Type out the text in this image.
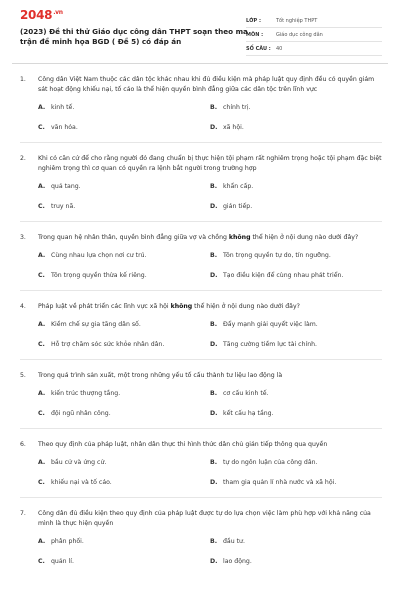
$2048^{.vn}$
(2023) Đề thi thử Giáo dục công dân THPT soạn theo ma trận đề minh họa BGD ( Đề 5) có đáp án
LỚP :	Tốt nghiệp THPT
MÔN :	Giáo dục công dân
SỐ CÂU :	40
1.	Công dân Việt Nam thuộc các dân tộc khác nhau khi đủ điều kiện mà pháp luật quy định đều có quyền giám sát hoạt động khiếu nại, tố cáo là thể hiện quyền bình đẳng giữa các dân tộc trên lĩnh vực
A. kinh tế.	B. chính trị.
C. văn hóa.	D. xã hội.
2.	Khi có căn cứ để cho rằng người đó đang chuẩn bị thực hiện tội phạm rất nghiêm trọng hoặc tội phạm đặc biệt nghiêm trọng thì cơ quan có quyền ra lệnh bắt người trong trường hợp
A. quả tang.	B. khẩn cấp.
C. truy nã.	D. gián tiếp.
3.	Trong quan hệ nhân thân, quyền bình đẳng giữa vợ và chồng không thể hiện ở nội dung nào dưới đây?
A. Cùng nhau lựa chọn nơi cư trú.	B. Tôn trọng quyền tự do, tín ngưỡng.
C. Tôn trọng quyền thừa kế riêng.	D. Tạo điều kiện để cùng nhau phát triển.
4.	Pháp luật về phát triển các lĩnh vực xã hội không thể hiện ở nội dung nào dưới đây?
A. Kiềm chế sự gia tăng dân số.	B. Đẩy mạnh giải quyết việc làm.
C. Hỗ trợ chăm sóc sức khỏe nhân dân.	D. Tăng cường tiềm lực tài chính.
5.	Trong quá trình sản xuất, một trong những yếu tố cấu thành tư liệu lao động là
A. kiến trúc thượng tầng.	B. cơ cấu kinh tế.
C. đội ngũ nhân công.	D. kết cấu hạ tầng.
6.	Theo quy định của pháp luật, nhân dân thực thi hình thức dân chủ gián tiếp thông qua quyền
A. bầu cử và ứng cử.	B. tự do ngôn luận của công dân.
C. khiếu nại và tố cáo.	D. tham gia quản lí nhà nước và xã hội.
7.	Công dân đủ điều kiện theo quy định của pháp luật được tự do lựa chọn việc làm phù hợp với khả năng của mình là thực hiện quyền
A. phân phối.	B. đầu tư.
C. quản lí.	D. lao động.
